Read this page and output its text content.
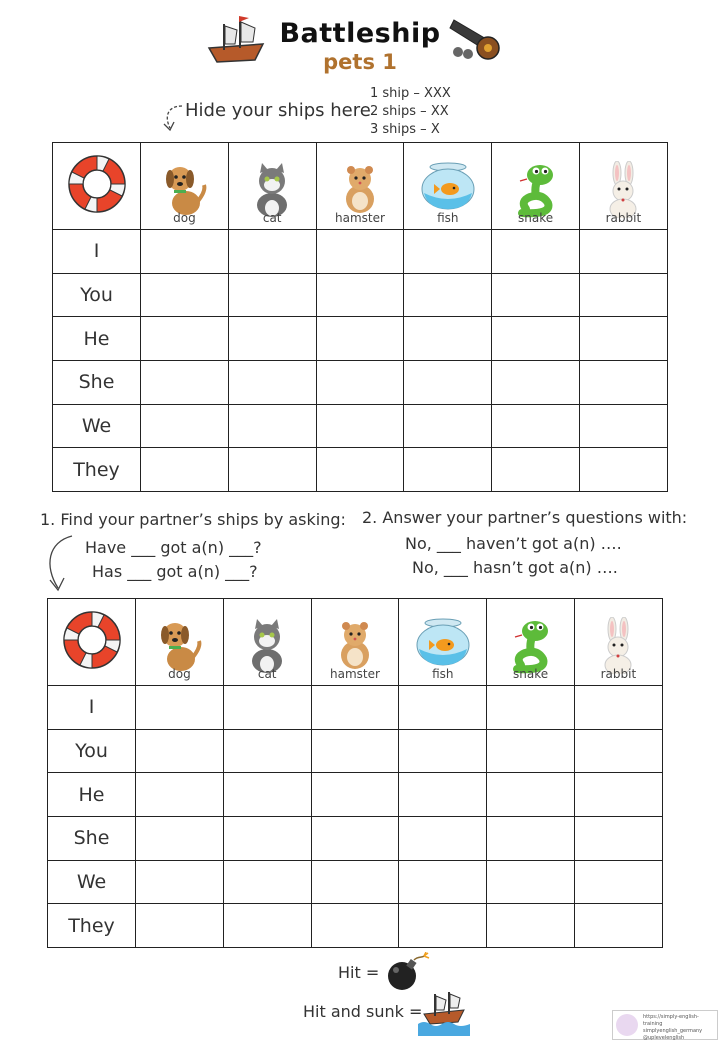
Battleship
pets 1
Hide your ships here
1 ship – XXX
2 ships – XX
3 ships – X

dog	cat	hamster	fish	snake	rabbit

I						
You						
He						
She						
We						
They						
1. Find your partner’s ships by asking: 2. Answer your partner’s questions with:
Have ___ got a(n) ___?
Has ___ got a(n) ___?
No, ___ haven’t got a(n) ….
No, ___ hasn’t got a(n) ….

dog	cat	hamster	fish	snake	rabbit

I						
You						
He						
She						
We						
They						
Hit =
Hit and sunk =	https://simply-english-training
simplyenglish_germany
@uplevelenglish
